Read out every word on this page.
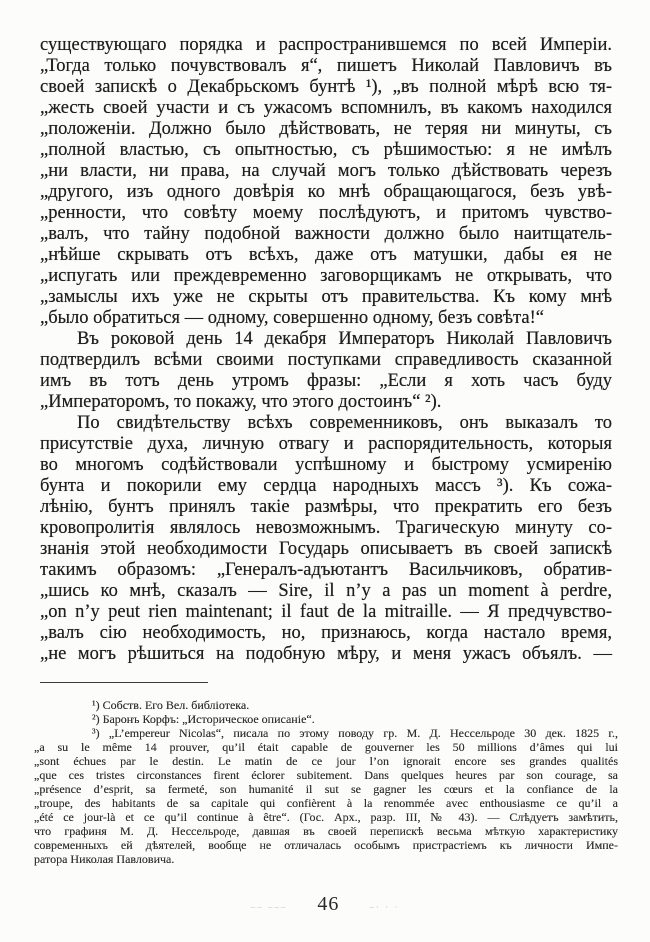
существующаго порядка и распространившемся по всей Имперіи.
„Тогда только почувствовалъ я“, пишетъ Николай Павловичъ въ
своей запискѣ о Декабрьскомъ бунтѣ ¹), „въ полной мѣрѣ всю тя-
„жесть своей участи и съ ужасомъ вспомнилъ, въ какомъ находился
„положеніи. Должно было дѣйствовать, не теряя ни минуты, съ
„полной властью, съ опытностью, съ рѣшимостью: я не имѣлъ
„ни власти, ни права, на случай могъ только дѣйствовать черезъ
„другого, изъ одного довѣрія ко мнѣ обращающагося, безъ увѣ-
„ренности, что совѣту моему послѣдуютъ, и притомъ чувство-
„валъ, что тайну подобной важности должно было наитщатель-
„нѣйше скрывать отъ всѣхъ, даже отъ матушки, дабы ея не
„испугать или преждевременно заговорщикамъ не открывать, что
„замыслы ихъ уже не скрыты отъ правительства. Къ кому мнѣ
„было обратиться — одному, совершенно одному, безъ совѣта!“
Въ роковой день 14 декабря Императоръ Николай Павловичъ
подтвердилъ всѣми своими поступками справедливость сказанной
имъ въ тотъ день утромъ фразы: „Если я хоть часъ буду
„Императоромъ, то покажу, что этого достоинъ“ ²).
По свидѣтельству всѣхъ современниковъ, онъ выказалъ то
присутствіе духа, личную отвагу и распорядительность, которыя
во многомъ содѣйствовали успѣшному и быстрому усмиренію
бунта и покорили ему сердца народныхъ массъ ³). Къ сожа-
лѣнію, бунтъ принялъ такіе размѣры, что прекратить его безъ
кровопролитія являлось невозможнымъ. Трагическую минуту со-
знанія этой необходимости Государь описываетъ въ своей запискѣ
такимъ образомъ: „Генералъ-адъютантъ Васильчиковъ, обратив-
„шись ко мнѣ, сказалъ — Sire, il n’y a pas un moment à perdre,
„on n’y peut rien maintenant; il faut de la mitraille. — Я предчувство-
„валъ сію необходимость, но, признаюсь, когда настало время,
„не могъ рѣшиться на подобную мѣру, и меня ужасъ объялъ. —
¹) Собств. Его Вел. библіотека.
²) Баронъ Корфъ: „Историческое описаніе“.
³) „L’empereur Nicolas“, писала по этому поводу гр. М. Д. Нессельроде 30 дек. 1825 г.,
„a su le même 14 prouver, qu’il était capable de gouverner les 50 millions d’âmes qui lui
„sont échues par le destin. Le matin de ce jour l’on ignorait encore ses grandes qualités
„que ces tristes circonstances firent éclorer subitement. Dans quelques heures par son courage, sa
„présence d’esprit, sa fermeté, son humanité il sut se gagner les cœurs et la confiance de la
„troupe, des habitants de sa capitale qui confièrent à la renommée avec enthousiasme ce qu’il a
„été ce jour-là et ce qu’il continue à être“. (Гос. Арх., разр. III, № 43). — Слѣдуетъ замѣтить,
что графиня М. Д. Нессельроде, давшая въ своей перепискѣ весьма мѣткую характеристику
современныхъ ей дѣятелей, вообще не отличалась особымъ пристрастіемъ къ личности Импе-
ратора Николая Павловича.
–– ––– 46	–· · ·
